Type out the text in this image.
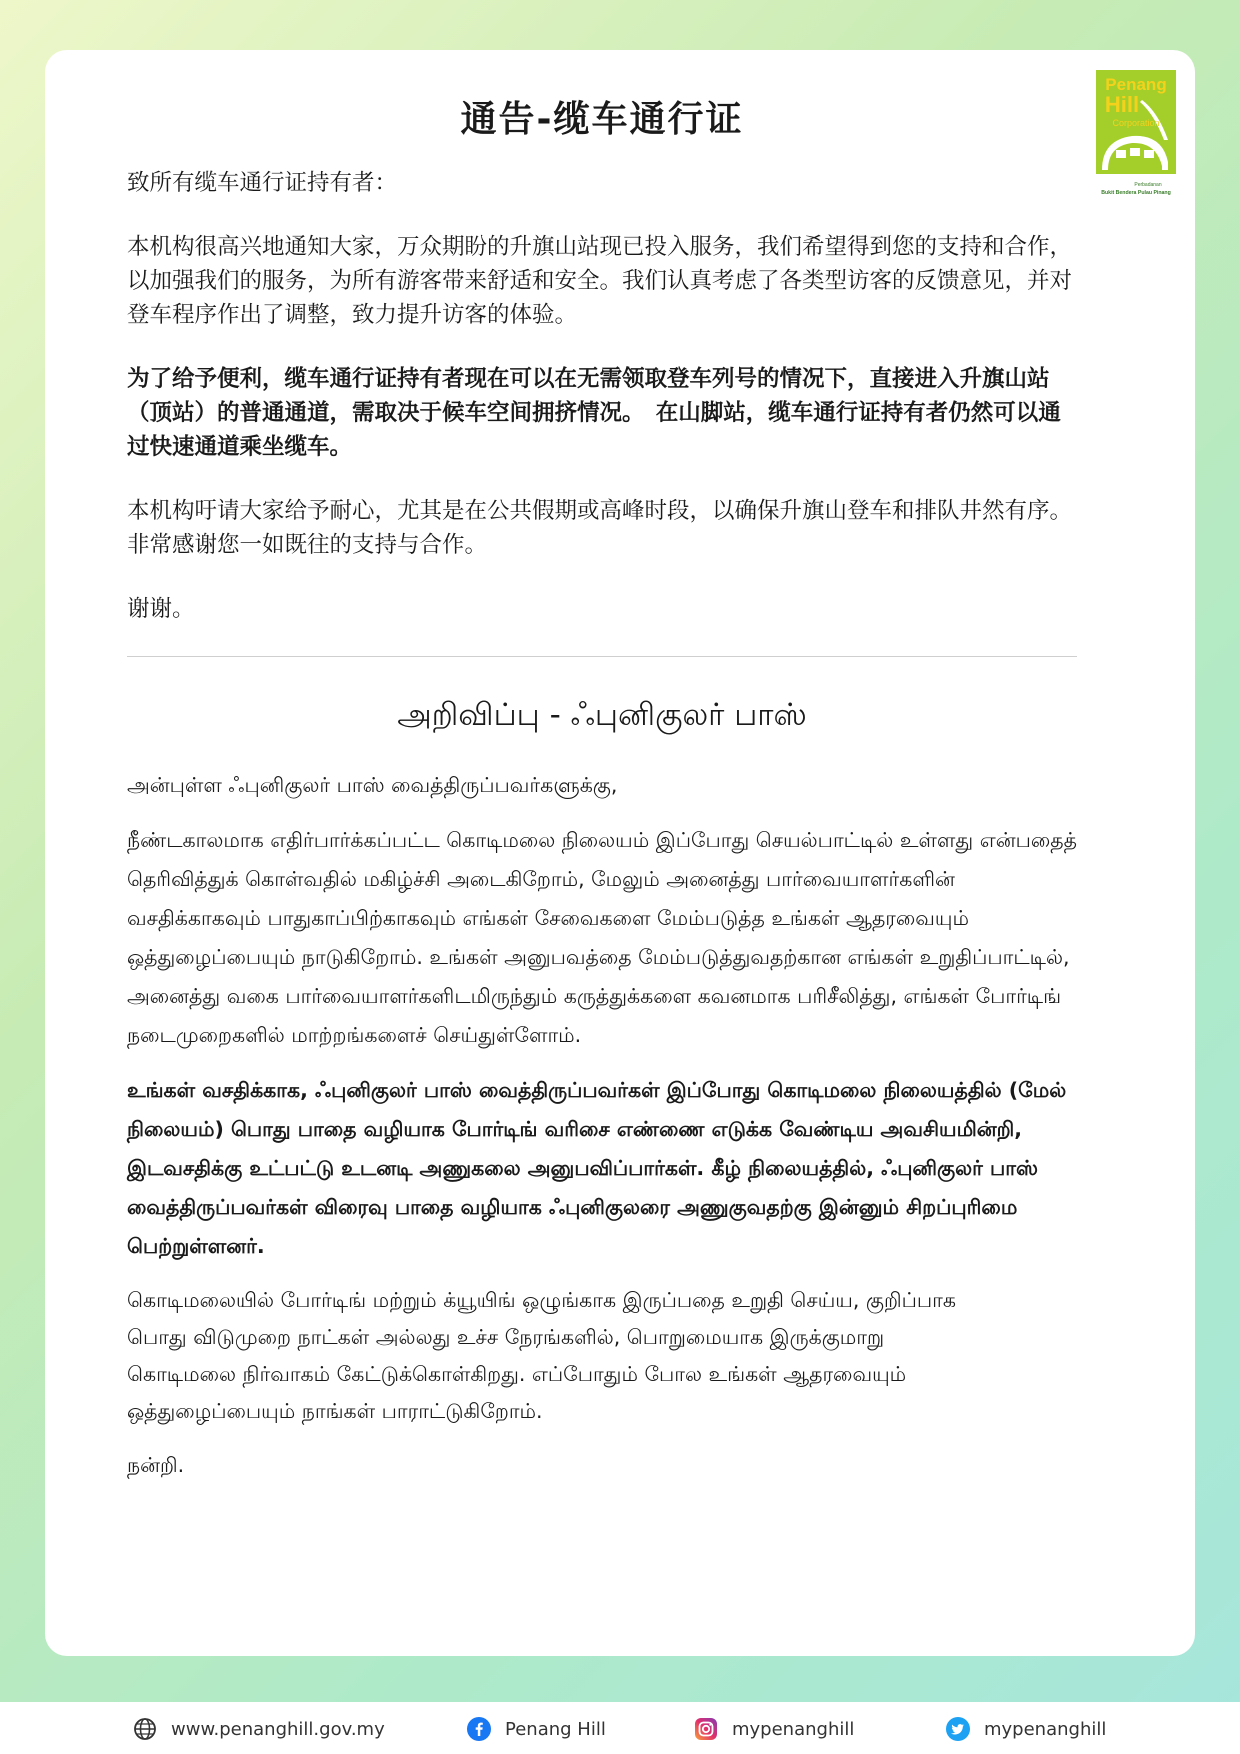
Penang
Hill
Corporation
Perbadanan
Bukit Bendera Pulau Pinang
通告-缆车通行证

致所有缆车通行证持有者：

本机构很高兴地通知大家，万众期盼的升旗山站现已投入服务，我们希望得到您的支持和合作，以加强我们的服务，为所有游客带来舒适和安全。我们认真考虑了各类型访客的反馈意见，并对登车程序作出了调整，致力提升访客的体验。

为了给予便利，缆车通行证持有者现在可以在无需领取登车列号的情况下，直接进入升旗山站（顶站）的普通通道，需取决于候车空间拥挤情况。　在山脚站，缆车通行证持有者仍然可以通过快速通道乘坐缆车。

本机构吁请大家给予耐心，尤其是在公共假期或高峰时段，以确保升旗山登车和排队井然有序。 非常感谢您一如既往的支持与合作。

谢谢。

அறிவிப்பு - ஃபுனிகுலர் பாஸ்

அன்புள்ள ஃபுனிகுலர் பாஸ் வைத்திருப்பவர்களுக்கு,

நீண்டகாலமாக எதிர்பார்க்கப்பட்ட கொடிமலை நிலையம் இப்போது செயல்பாட்டில் உள்ளது என்பதைத் தெரிவித்துக் கொள்வதில் மகிழ்ச்சி அடைகிறோம், மேலும் அனைத்து பார்வையாளர்களின் வசதிக்காகவும் பாதுகாப்பிற்காகவும் எங்கள் சேவைகளை மேம்படுத்த உங்கள் ஆதரவையும் ஒத்துழைப்பையும் நாடுகிறோம். உங்கள் அனுபவத்தை மேம்படுத்துவதற்கான எங்கள் உறுதிப்பாட்டில், அனைத்து வகை பார்வையாளர்களிடமிருந்தும் கருத்துக்களை கவனமாக பரிசீலித்து, எங்கள் போர்டிங் நடைமுறைகளில் மாற்றங்களைச் செய்துள்ளோம்.

உங்கள் வசதிக்காக, ஃபுனிகுலர் பாஸ் வைத்திருப்பவர்கள் இப்போது கொடிமலை நிலையத்தில் (மேல் நிலையம்) பொது பாதை வழியாக போர்டிங் வரிசை எண்ணை எடுக்க வேண்டிய அவசியமின்றி, இடவசதிக்கு உட்பட்டு உடனடி அணுகலை அனுபவிப்பார்கள். கீழ் நிலையத்தில், ஃபுனிகுலர் பாஸ் வைத்திருப்பவர்கள் விரைவு பாதை வழியாக ஃபுனிகுலரை அணுகுவதற்கு இன்னும் சிறப்புரிமை பெற்றுள்ளனர்.

கொடிமலையில் போர்டிங் மற்றும் க்யூயிங் ஒழுங்காக இருப்பதை உறுதி செய்ய, குறிப்பாக பொது விடுமுறை நாட்கள் அல்லது உச்ச நேரங்களில், பொறுமையாக இருக்குமாறு கொடிமலை நிர்வாகம் கேட்டுக்கொள்கிறது. எப்போதும் போல உங்கள் ஆதரவையும் ஒத்துழைப்பையும் நாங்கள் பாராட்டுகிறோம்.

நன்றி.

www.penanghill.gov.my	Penang Hill	mypenanghill	mypenanghill
